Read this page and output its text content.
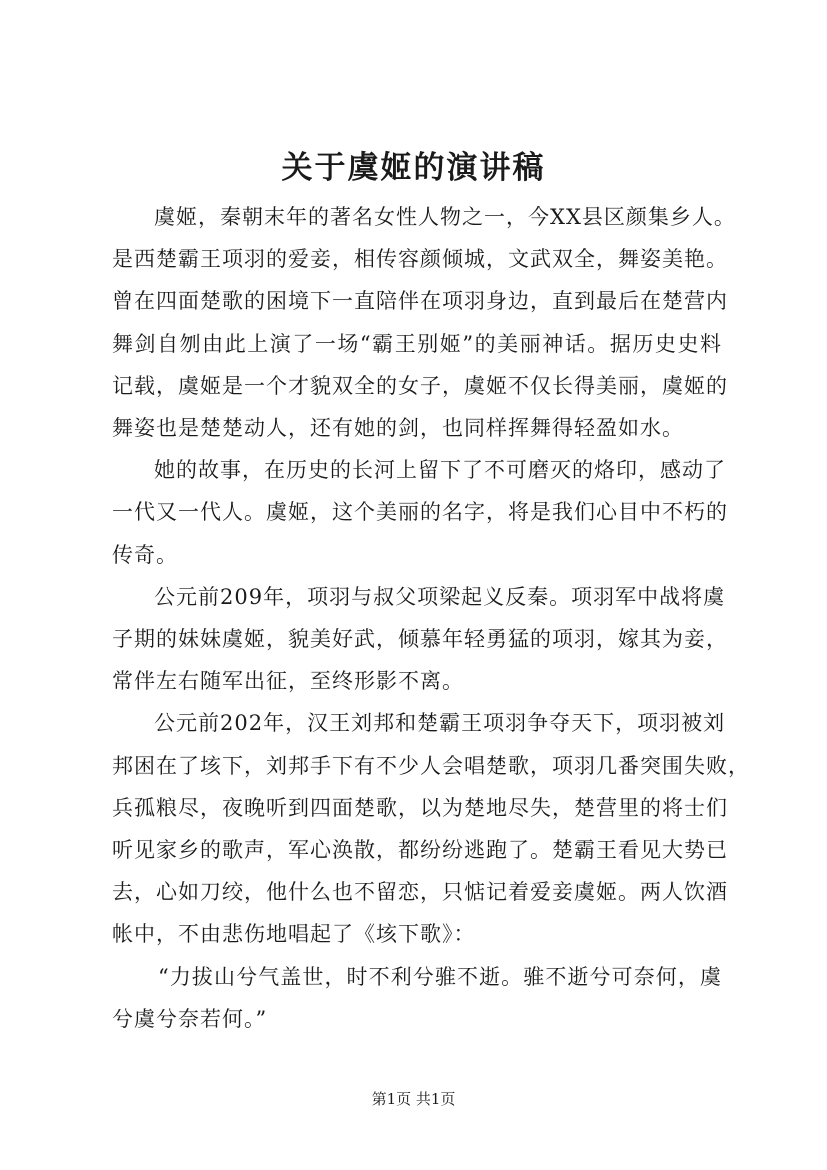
关于虞姬的演讲稿
虞姬，秦朝末年的著名女性人物之一，今XX县区颜集乡人。
是西楚霸王项羽的爱妾，相传容颜倾城，文武双全，舞姿美艳。
曾在四面楚歌的困境下一直陪伴在项羽身边，直到最后在楚营内
舞剑自刎由此上演了一场“霸王别姬”的美丽神话。据历史史料
记载，虞姬是一个才貌双全的女子，虞姬不仅长得美丽，虞姬的
舞姿也是楚楚动人，还有她的剑，也同样挥舞得轻盈如水。
她的故事，在历史的长河上留下了不可磨灭的烙印，感动了
一代又一代人。虞姬，这个美丽的名字，将是我们心目中不朽的
传奇。
公元前209年，项羽与叔父项梁起义反秦。项羽军中战将虞
子期的妹妹虞姬，貌美好武，倾慕年轻勇猛的项羽，嫁其为妾，
常伴左右随军出征，至终形影不离。
公元前202年，汉王刘邦和楚霸王项羽争夺天下，项羽被刘
邦困在了垓下，刘邦手下有不少人会唱楚歌，项羽几番突围失败，
兵孤粮尽，夜晚听到四面楚歌，以为楚地尽失，楚营里的将士们
听见家乡的歌声，军心涣散，都纷纷逃跑了。楚霸王看见大势已
去，心如刀绞，他什么也不留恋，只惦记着爱妾虞姬。两人饮酒
帐中，不由悲伤地唱起了《垓下歌》：
“力拔山兮气盖世，时不利兮骓不逝。骓不逝兮可奈何，虞
兮虞兮奈若何。”
第1页 共1页
